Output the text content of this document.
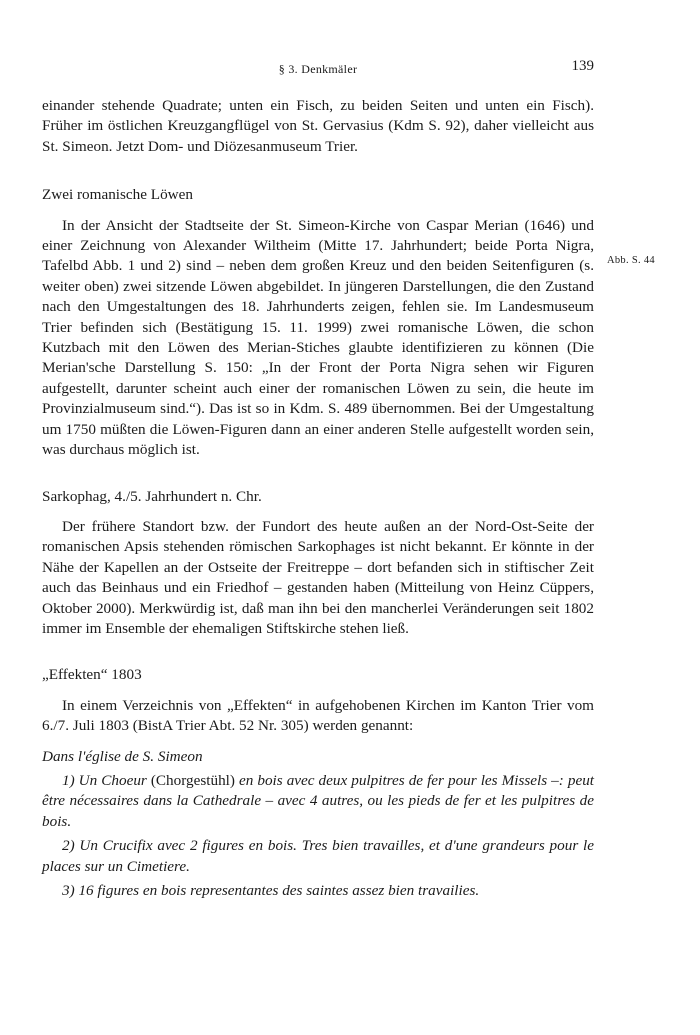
§ 3. Denkmäler	139
Abb. S. 44

einander stehende Quadrate; unten ein Fisch, zu beiden Seiten und unten ein Fisch). Früher im östlichen Kreuzgangflügel von St. Gervasius (Kdm S. 92), daher vielleicht aus St. Simeon. Jetzt Dom- und Diözesanmuseum Trier.

Zwei romanische Löwen

In der Ansicht der Stadtseite der St. Simeon-Kirche von Caspar Merian (1646) und einer Zeichnung von Alexander Wiltheim (Mitte 17. Jahrhundert; beide Porta Nigra, Tafelbd Abb. 1 und 2) sind – neben dem großen Kreuz und den beiden Seitenfiguren (s. weiter oben) zwei sitzende Löwen abgebildet. In jüngeren Darstellungen, die den Zustand nach den Umgestaltungen des 18. Jahrhunderts zeigen, fehlen sie. Im Landesmuseum Trier befinden sich (Bestätigung 15. 11. 1999) zwei romanische Löwen, die schon Kutzbach mit den Löwen des Merian-Stiches glaubte identifizieren zu können (Die Merian'sche Darstellung S. 150: „In der Front der Porta Nigra sehen wir Figuren aufgestellt, darunter scheint auch einer der romanischen Löwen zu sein, die heute im Provinzialmuseum sind.“). Das ist so in Kdm. S. 489 übernommen. Bei der Umgestaltung um 1750 müßten die Löwen-Figuren dann an einer anderen Stelle aufgestellt worden sein, was durchaus möglich ist.

Sarkophag, 4./5. Jahrhundert n. Chr.

Der frühere Standort bzw. der Fundort des heute außen an der Nord-Ost-Seite der romanischen Apsis stehenden römischen Sarkophages ist nicht bekannt. Er könnte in der Nähe der Kapellen an der Ostseite der Freitreppe – dort befanden sich in stiftischer Zeit auch das Beinhaus und ein Friedhof – gestanden haben (Mitteilung von Heinz Cüppers, Oktober 2000). Merkwürdig ist, daß man ihn bei den mancherlei Veränderungen seit 1802 immer im Ensemble der ehemaligen Stiftskirche stehen ließ.

„Effekten“ 1803

In einem Verzeichnis von „Effekten“ in aufgehobenen Kirchen im Kanton Trier vom 6./7. Juli 1803 (BistA Trier Abt. 52 Nr. 305) werden genannt:

Dans l'église de S. Simeon

1) Un Choeur (Chorgestühl) en bois avec deux pulpitres de fer pour les Missels –: peut être nécessaires dans la Cathedrale – avec 4 autres, ou les pieds de fer et les pulpitres de bois.

2) Un Crucifix avec 2 figures en bois. Tres bien travailles, et d'une grandeurs pour le places sur un Cimetiere.

3) 16 figures en bois representantes des saintes assez bien travailies.
